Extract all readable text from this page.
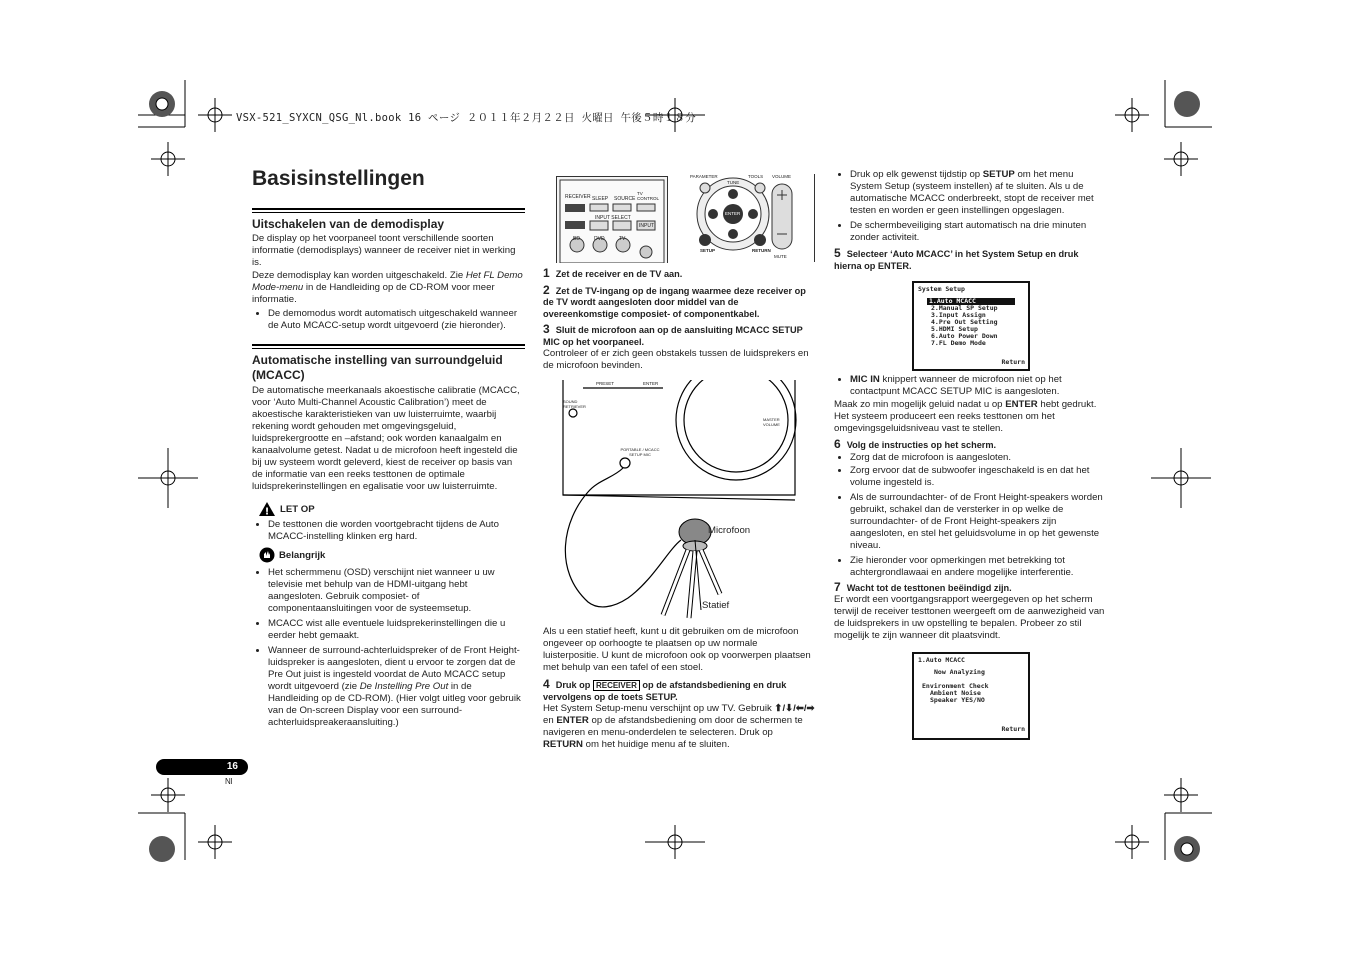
VSX-521_SYXCN_QSG_Nl.book 16 ページ ２０１１年２月２２日 火曜日 午後５時１８分
Basisinstellingen
Uitschakelen van de demodisplay

De display op het voorpaneel toont verschillende soorten informatie (demodisplays) wanneer de receiver niet in werking is.

Deze demodisplay kan worden uitgeschakeld. Zie Het FL Demo Mode-menu in de Handleiding op de CD-ROM voor meer informatie.

• De demomodus wordt automatisch uitgeschakeld wanneer de Auto MCACC-setup wordt uitgevoerd (zie hieronder).
Automatische instelling van surroundgeluid (MCACC)

De automatische meerkanaals akoestische calibratie (MCACC, voor ‘Auto Multi-Channel Acoustic Calibration’) meet de akoestische karakteristieken van uw luisterruimte, waarbij rekening wordt gehouden met omgevingsgeluid, luidsprekergrootte en –afstand; ook worden kanaalgalm en kanaalvolume getest. Nadat u de microfoon heeft ingesteld die bij uw systeem wordt geleverd, kiest de receiver op basis van de informatie van een reeks testtonen de optimale luidsprekerinstellingen en egalisatie voor uw luisterruimte.

! LET OP
• De testtonen die worden voortgebracht tijdens de Auto MCACC-instelling klinken erg hard.
Belangrijk
• Het schermmenu (OSD) verschijnt niet wanneer u uw televisie met behulp van de HDMI-uitgang hebt aangesloten. Gebruik composiet- of componentaansluitingen voor de systeemsetup.
• MCACC wist alle eventuele luidsprekerinstellingen die u eerder hebt gemaakt.
• Wanneer de surround-achterluidspreker of de Front Height-luidspreker is aangesloten, dient u ervoor te zorgen dat de Pre Out juist is ingesteld voordat de Auto MCACC setup wordt uitgevoerd (zie De Instelling Pre Out in de Handleiding op de CD-ROM). (Hier volgt uitleg voor gebruik van de On-screen Display voor een surround-achterluidspreakeraansluiting.)
16
Nl
RECEIVER SLEEP SOURCE
TV CONTROL
INPUT SELECT
INPUT
BD	DVD	TV
PARAMETER	TOOLS VOLUME
TUNE
ENTER
SETUP	RETURN
MUTE
1 Zet de receiver en de TV aan.
2 Zet de TV-ingang op de ingang waarmee deze receiver op de TV wordt aangesloten door middel van de overeenkomstige composiet- of componentkabel.
3 Sluit de microfoon aan op de aansluiting MCACC SETUP MIC op het voorpaneel.

Controleer of er zich geen obstakels tussen de luidsprekers en de microfoon bevinden.

PRESET	ENTER
SOUND RETRIEVER
MASTER VOLUME
PORTABLE / MCACC SETUP MIC
Microfoon
Statief

Als u een statief heeft, kunt u dit gebruiken om de microfoon ongeveer op oorhoogte te plaatsen op uw normale luisterpositie. U kunt de microfoon ook op voorwerpen plaatsen met behulp van een tafel of een stoel.

4 Druk op RECEIVER op de afstandsbediening en druk vervolgens op de toets SETUP.

Het System Setup-menu verschijnt op uw TV. Gebruik ⬆/⬇/⬅/➡ en ENTER op de afstandsbediening om door de schermen te navigeren en menu-onderdelen te selecteren. Druk op RETURN om het huidige menu af te sluiten.

• Druk op elk gewenst tijdstip op SETUP om het menu System Setup (systeem instellen) af te sluiten. Als u de automatische MCACC onderbreekt, stopt de receiver met testen en worden er geen instellingen opgeslagen.
• De schermbeveiliging start automatisch na drie minuten zonder activiteit.
5 Selecteer ‘Auto MCACC’ in het System Setup en druk hierna op ENTER.
System Setup
1.Auto MCACC
2.Manual SP Setup
3.Input Assign
4.Pre Out Setting
5.HDMI Setup
6.Auto Power Down
7.FL Demo Mode
Return
• MIC IN knippert wanneer de microfoon niet op het contactpunt MCACC SETUP MIC is aangesloten.

Maak zo min mogelijk geluid nadat u op ENTER hebt gedrukt. Het systeem produceert een reeks testtonen om het omgevingsgeluidsniveau vast te stellen.

6 Volg de instructies op het scherm.
• Zorg dat de microfoon is aangesloten.
• Zorg ervoor dat de subwoofer ingeschakeld is en dat het volume ingesteld is.
• Als de surroundachter- of de Front Height-speakers worden gebruikt, schakel dan de versterker in op welke de surroundachter- of de Front Height-speakers zijn aangesloten, en stel het geluidsvolume in op het gewenste niveau.
• Zie hieronder voor opmerkingen met betrekking tot achtergrondlawaai en andere mogelijke interferentie.
7 Wacht tot de testtonen beëindigd zijn.

Er wordt een voortgangsrapport weergegeven op het scherm terwijl de receiver testtonen weergeeft om de aanwezigheid van de luidsprekers in uw opstelling te bepalen. Probeer zo stil mogelijk te zijn wanneer dit plaatsvindt.

1.Auto MCACC
Now Analyzing
Environment Check
Ambient Noise
Speaker YES/NO
Return
